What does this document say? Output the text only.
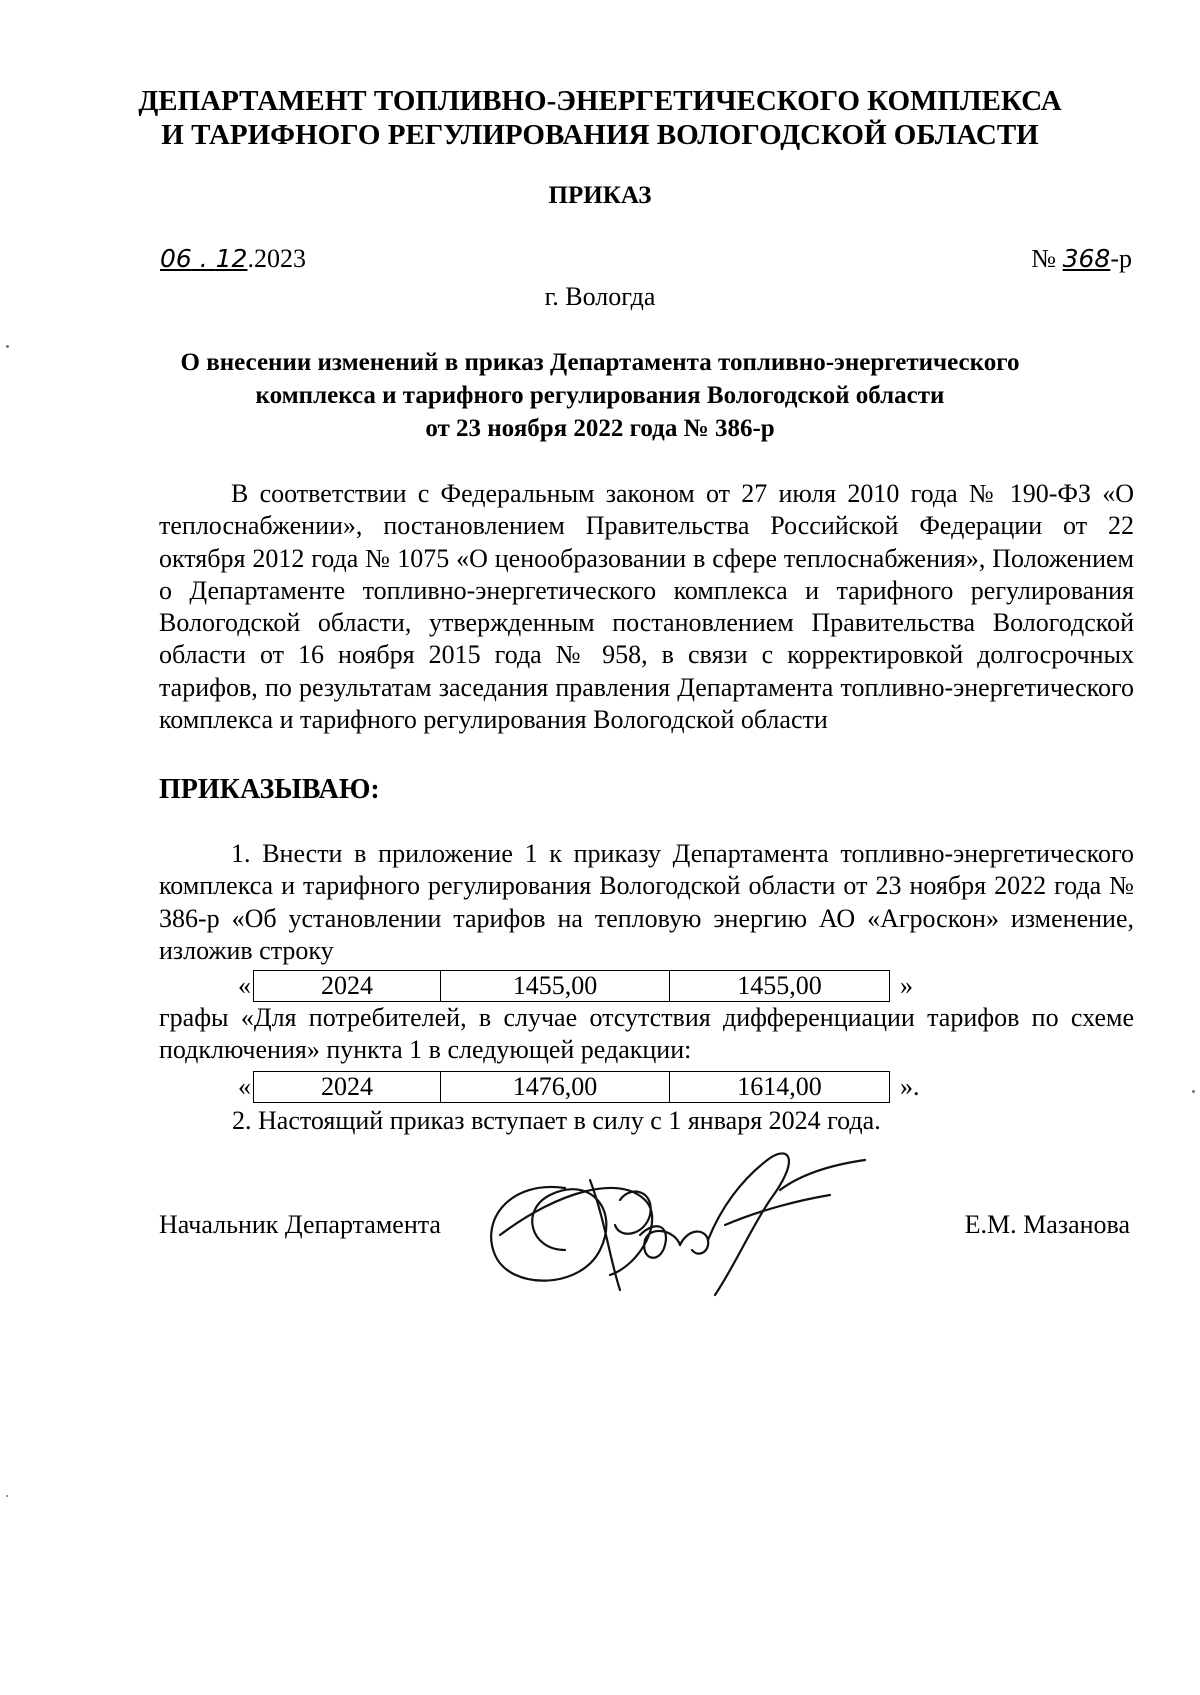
ДЕПАРТАМЕНТ ТОПЛИВНО-ЭНЕРГЕТИЧЕСКОГО КОМПЛЕКСА
И ТАРИФНОГО РЕГУЛИРОВАНИЯ ВОЛОГОДСКОЙ ОБЛАСТИ
ПРИКАЗ
06 . 12.2023	№ 368-р
г. Вологда
О внесении изменений в приказ Департамента топливно-энергетического
комплекса и тарифного регулирования Вологодской области
от 23 ноября 2022 года № 386-р
В соответствии с Федеральным законом от 27 июля 2010 года № 190-ФЗ «О теплоснабжении», постановлением Правительства Российской Федерации от 22 октября 2012 года № 1075 «О ценообразовании в сфере теплоснабжения», Положением о Департаменте топливно-энергетического комплекса и тарифного регулирования Вологодской области, утвержденным постановлением Правительства Вологодской области от 16 ноября 2015 года № 958, в связи с корректировкой долгосрочных тарифов, по результатам заседания правления Департамента топливно-энергетического комплекса и тарифного регулирования Вологодской области
ПРИКАЗЫВАЮ:
1. Внести в приложение 1 к приказу Департамента топливно-энергетического комплекса и тарифного регулирования Вологодской области от 23 ноября 2022 года № 386-р «Об установлении тарифов на тепловую энергию АО «Агроскон» изменение, изложив строку
«	2024	1455,00	1455,00	»
графы «Для потребителей, в случае отсутствия дифференциации тарифов по схеме подключения» пункта 1 в следующей редакции:
«	2024	1476,00	1614,00	».
2. Настоящий приказ вступает в силу с 1 января 2024 года.
Начальник Департамента	Е.М. Мазанова
